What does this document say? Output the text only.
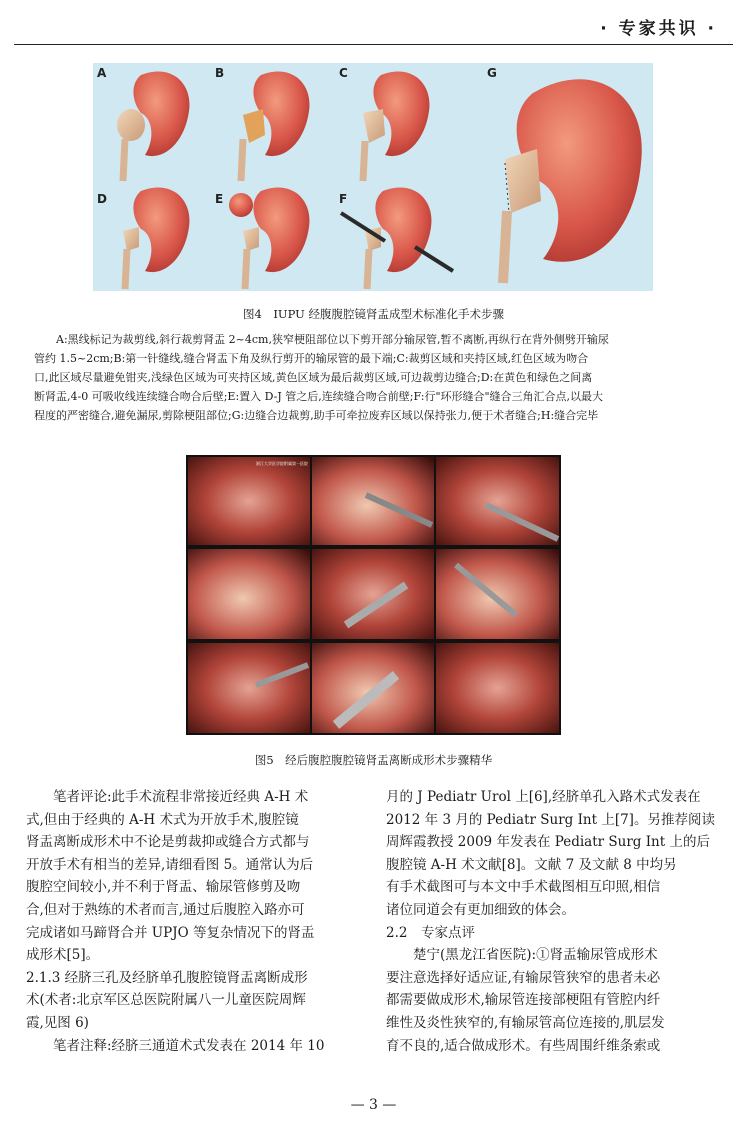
· 专家共识 ·
A	B	C
D	E	F
G
图4　IUPU 经腹腹腔镜肾盂成型术标准化手术步骤
A:黑线标记为裁剪线,斜行裁剪肾盂 2~4cm,狭窄梗阻部位以下剪开部分输尿管,暂不离断,再纵行在背外侧劈开输尿
管约 1.5~2cm;B:第一针缝线,缝合肾盂下角及纵行剪开的输尿管的最下端;C:裁剪区域和夹持区域,红色区域为吻合
口,此区域尽量避免钳夹,浅绿色区域为可夹持区域,黄色区域为最后裁剪区域,可边裁剪边缝合;D:在黄色和绿色之间离
断肾盂,4-0 可吸收线连续缝合吻合后壁;E:置入 D-J 管之后,连续缝合吻合前壁;F:行"环形缝合"缝合三角汇合点,以最大
程度的严密缝合,避免漏尿,剪除梗阻部位;G:边缝合边裁剪,助手可牵拉废弃区域以保持张力,便于术者缝合;H:缝合完毕
浙江大学医学院附属第一医院
图5　经后腹腔腹腔镜肾盂离断成形术步骤精华
笔者评论:此手术流程非常接近经典 A-H 术
式,但由于经典的 A-H 术式为开放手术,腹腔镜
肾盂离断成形术中不论是剪裁抑或缝合方式都与
开放手术有相当的差异,请细看图 5。通常认为后
腹腔空间较小,并不利于肾盂、输尿管修剪及吻
合,但对于熟练的术者而言,通过后腹腔入路亦可
完成诸如马蹄肾合并 UPJO 等复杂情况下的肾盂
成形术[5]。
2.1.3 经脐三孔及经脐单孔腹腔镜肾盂离断成形
术(术者:北京军区总医院附属八一儿童医院周辉
霞,见图 6)
笔者注释:经脐三通道术式发表在 2014 年 10
月的 J Pediatr Urol 上[6],经脐单孔入路术式发表在
2012 年 3 月的 Pediatr Surg Int 上[7]。另推荐阅读
周辉霞教授 2009 年发表在 Pediatr Surg Int 上的后
腹腔镜 A-H 术文献[8]。文献 7 及文献 8 中均另
有手术截图可与本文中手术截图相互印照,相信
诸位同道会有更加细致的体会。
2.2　专家点评
楚宁(黑龙江省医院):①肾盂输尿管成形术
要注意选择好适应证,有输尿管狭窄的患者未必
都需要做成形术,输尿管连接部梗阻有管腔内纤
维性及炎性狭窄的,有输尿管高位连接的,肌层发
育不良的,适合做成形术。有些周围纤维条索或
— 3 —
